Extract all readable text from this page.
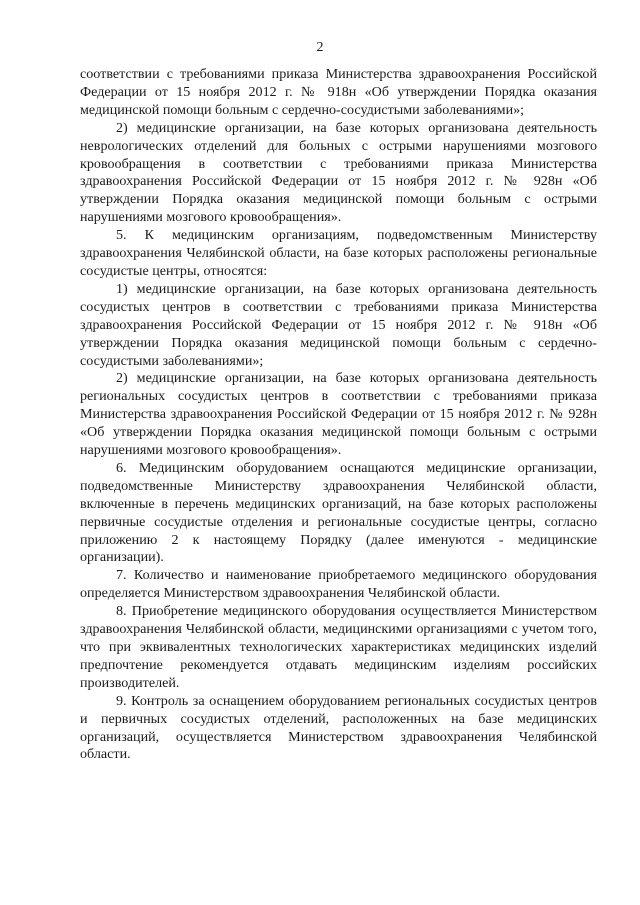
2

соответствии с требованиями приказа Министерства здравоохранения Российской Федерации от 15 ноября 2012 г. № 918н «Об утверждении Порядка оказания медицинской помощи больным с сердечно-сосудистыми заболеваниями»;

2) медицинские организации, на базе которых организована деятельность неврологических отделений для больных с острыми нарушениями мозгового кровообращения в соответствии с требованиями приказа Министерства здравоохранения Российской Федерации от 15 ноября 2012 г. № 928н «Об утверждении Порядка оказания медицинской помощи больным с острыми нарушениями мозгового кровообращения».

5. К медицинским организациям, подведомственным Министерству здравоохранения Челябинской области, на базе которых расположены региональные сосудистые центры, относятся:

1) медицинские организации, на базе которых организована деятельность сосудистых центров в соответствии с требованиями приказа Министерства здравоохранения Российской Федерации от 15 ноября 2012 г. № 918н «Об утверждении Порядка оказания медицинской помощи больным с сердечно-сосудистыми заболеваниями»;

2) медицинские организации, на базе которых организована деятельность региональных сосудистых центров в соответствии с требованиями приказа Министерства здравоохранения Российской Федерации от 15 ноября 2012 г. № 928н «Об утверждении Порядка оказания медицинской помощи больным с острыми нарушениями мозгового кровообращения».

6. Медицинским оборудованием оснащаются медицинские организации, подведомственные Министерству здравоохранения Челябинской области, включенные в перечень медицинских организаций, на базе которых расположены первичные сосудистые отделения и региональные сосудистые центры, согласно приложению 2 к настоящему Порядку (далее именуются - медицинские организации).

7. Количество и наименование приобретаемого медицинского оборудования определяется Министерством здравоохранения Челябинской области.

8. Приобретение медицинского оборудования осуществляется Министерством здравоохранения Челябинской области, медицинскими организациями с учетом того, что при эквивалентных технологических характеристиках медицинских изделий предпочтение рекомендуется отдавать медицинским изделиям российских производителей.

9. Контроль за оснащением оборудованием региональных сосудистых центров и первичных сосудистых отделений, расположенных на базе медицинских организаций, осуществляется Министерством здравоохранения Челябинской области.
